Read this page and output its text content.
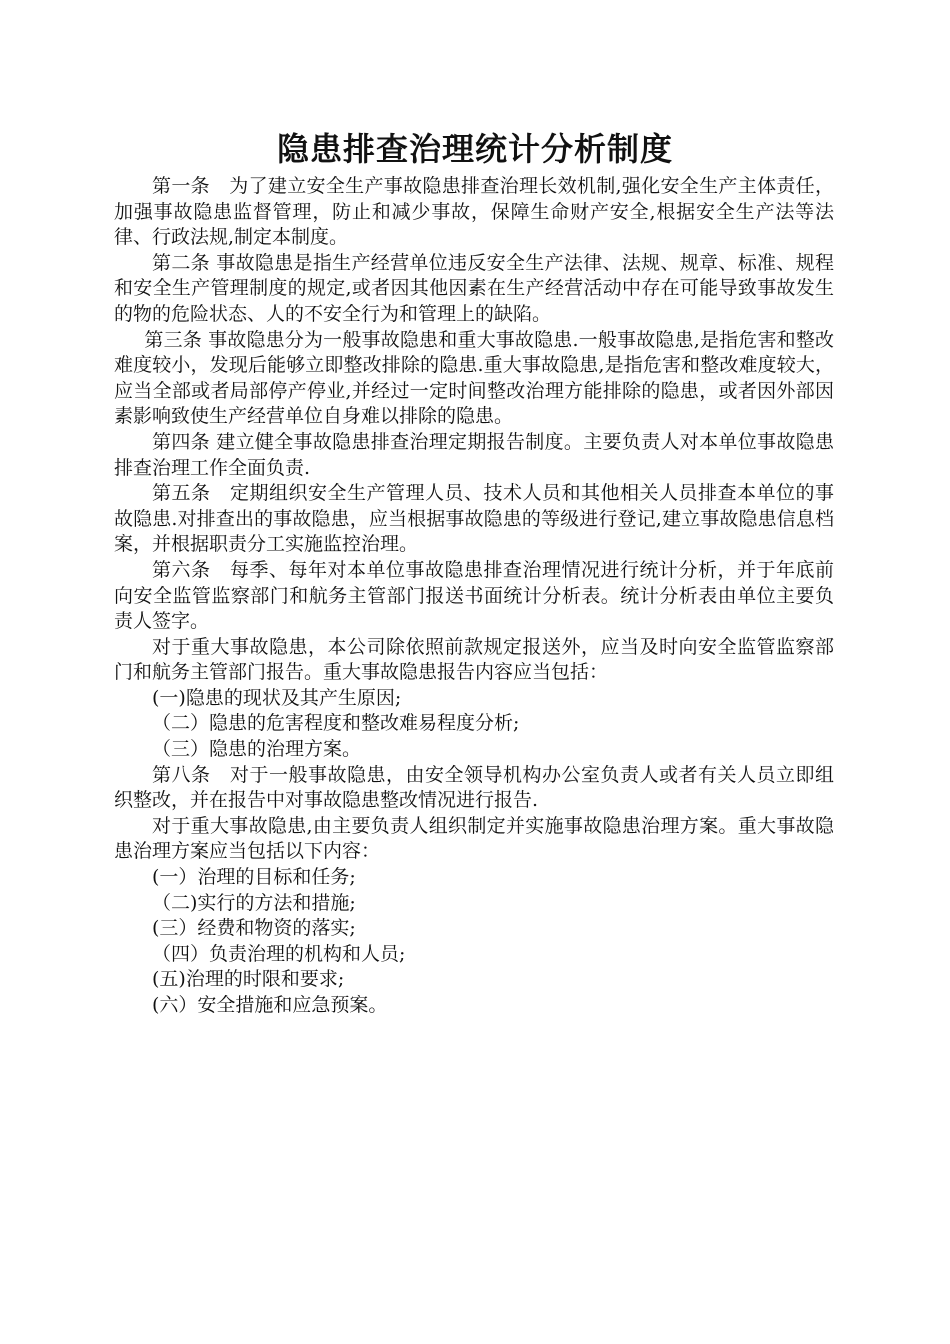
隐患排查治理统计分析制度

第一条　为了建立安全生产事故隐患排查治理长效机制,强化安全生产主体责任，加强事故隐患监督管理，防止和减少事故，保障生命财产安全,根据安全生产法等法律、行政法规,制定本制度。

第二条 事故隐患是指生产经营单位违反安全生产法律、法规、规章、标准、规程和安全生产管理制度的规定,或者因其他因素在生产经营活动中存在可能导致事故发生的物的危险状态、人的不安全行为和管理上的缺陷。

第三条 事故隐患分为一般事故隐患和重大事故隐患.一般事故隐患,是指危害和整改难度较小，发现后能够立即整改排除的隐患.重大事故隐患,是指危害和整改难度较大，应当全部或者局部停产停业,并经过一定时间整改治理方能排除的隐患，或者因外部因素影响致使生产经营单位自身难以排除的隐患。

第四条 建立健全事故隐患排查治理定期报告制度。主要负责人对本单位事故隐患排查治理工作全面负责.

第五条　定期组织安全生产管理人员、技术人员和其他相关人员排查本单位的事故隐患.对排查出的事故隐患，应当根据事故隐患的等级进行登记,建立事故隐患信息档案，并根据职责分工实施监控治理。

第六条　每季、每年对本单位事故隐患排查治理情况进行统计分析，并于年底前向安全监管监察部门和航务主管部门报送书面统计分析表。统计分析表由单位主要负责人签字。

对于重大事故隐患，本公司除依照前款规定报送外，应当及时向安全监管监察部门和航务主管部门报告。重大事故隐患报告内容应当包括：

(一)隐患的现状及其产生原因;

（二）隐患的危害程度和整改难易程度分析;

（三）隐患的治理方案。

第八条　对于一般事故隐患，由安全领导机构办公室负责人或者有关人员立即组织整改，并在报告中对事故隐患整改情况进行报告.

对于重大事故隐患,由主要负责人组织制定并实施事故隐患治理方案。重大事故隐患治理方案应当包括以下内容：

(一）治理的目标和任务;

（二)实行的方法和措施;

(三）经费和物资的落实;

（四）负责治理的机构和人员;

(五)治理的时限和要求;

(六）安全措施和应急预案。
